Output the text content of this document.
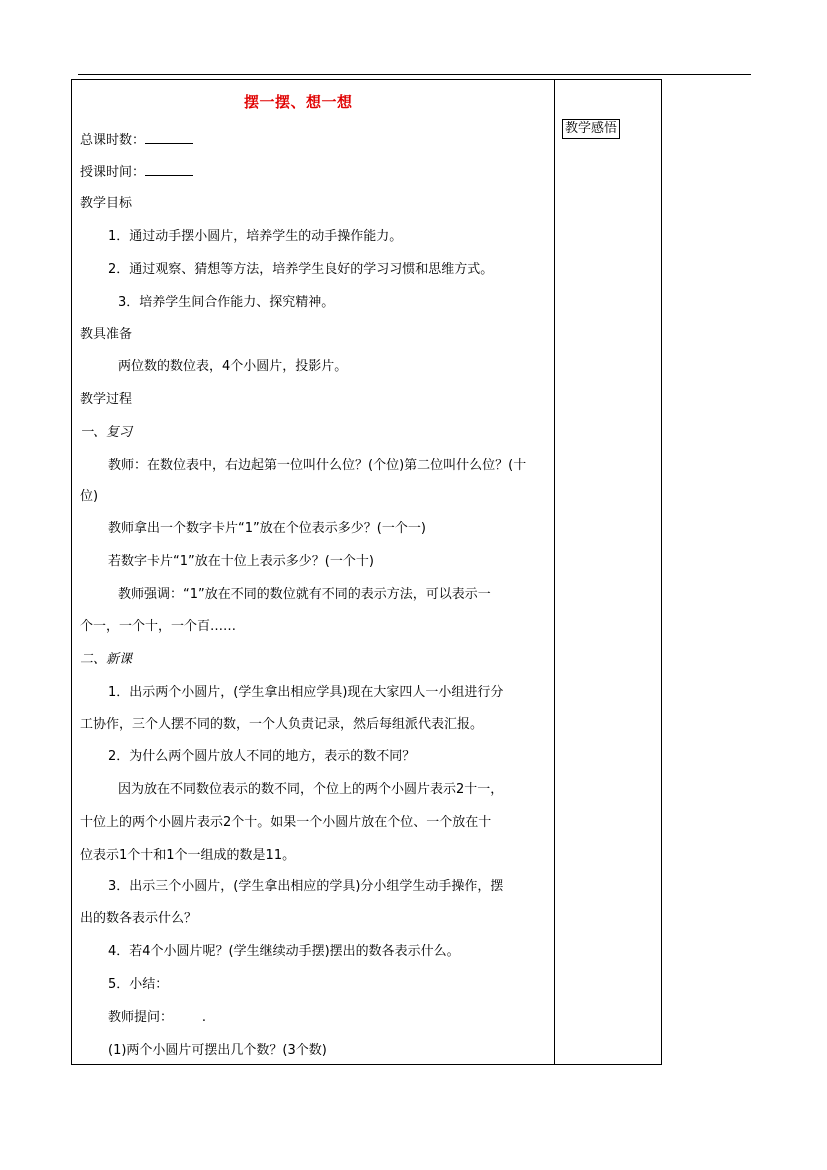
教学感悟
摆一摆、想一想
总课时数：
授课时间：
教学目标
1．通过动手摆小圆片，培养学生的动手操作能力。
2．通过观察、猜想等方法，培养学生良好的学习习惯和思维方式。
3．培养学生间合作能力、探究精神。
教具准备
两位数的数位表，4个小圆片，投影片。
教学过程
一、复习
教师：在数位表中，右边起第一位叫什么位？(个位)第二位叫什么位？(十
位)
教师拿出一个数字卡片“1”放在个位表示多少？(一个一)
若数字卡片“1”放在十位上表示多少？(一个十)
教师强调：“1”放在不同的数位就有不同的表示方法，可以表示一
个一，一个十，一个百……
二、新课
1．出示两个小圆片，(学生拿出相应学具)现在大家四人一小组进行分
工协作，三个人摆不同的数，一个人负责记录，然后每组派代表汇报。
2．为什么两个圆片放人不同的地方，表示的数不同？
因为放在不同数位表示的数不同，个位上的两个小圆片表示2十一，
十位上的两个小圆片表示2个十。如果一个小圆片放在个位、一个放在十
位表示1个十和1个一组成的数是11。
3．出示三个小圆片，(学生拿出相应的学具)分小组学生动手操作，摆
出的数各表示什么？
4．若4个小圆片呢？(学生继续动手摆)摆出的数各表示什么。
5．小结：
教师提问：       .
(1)两个小圆片可摆出几个数？(3个数)
